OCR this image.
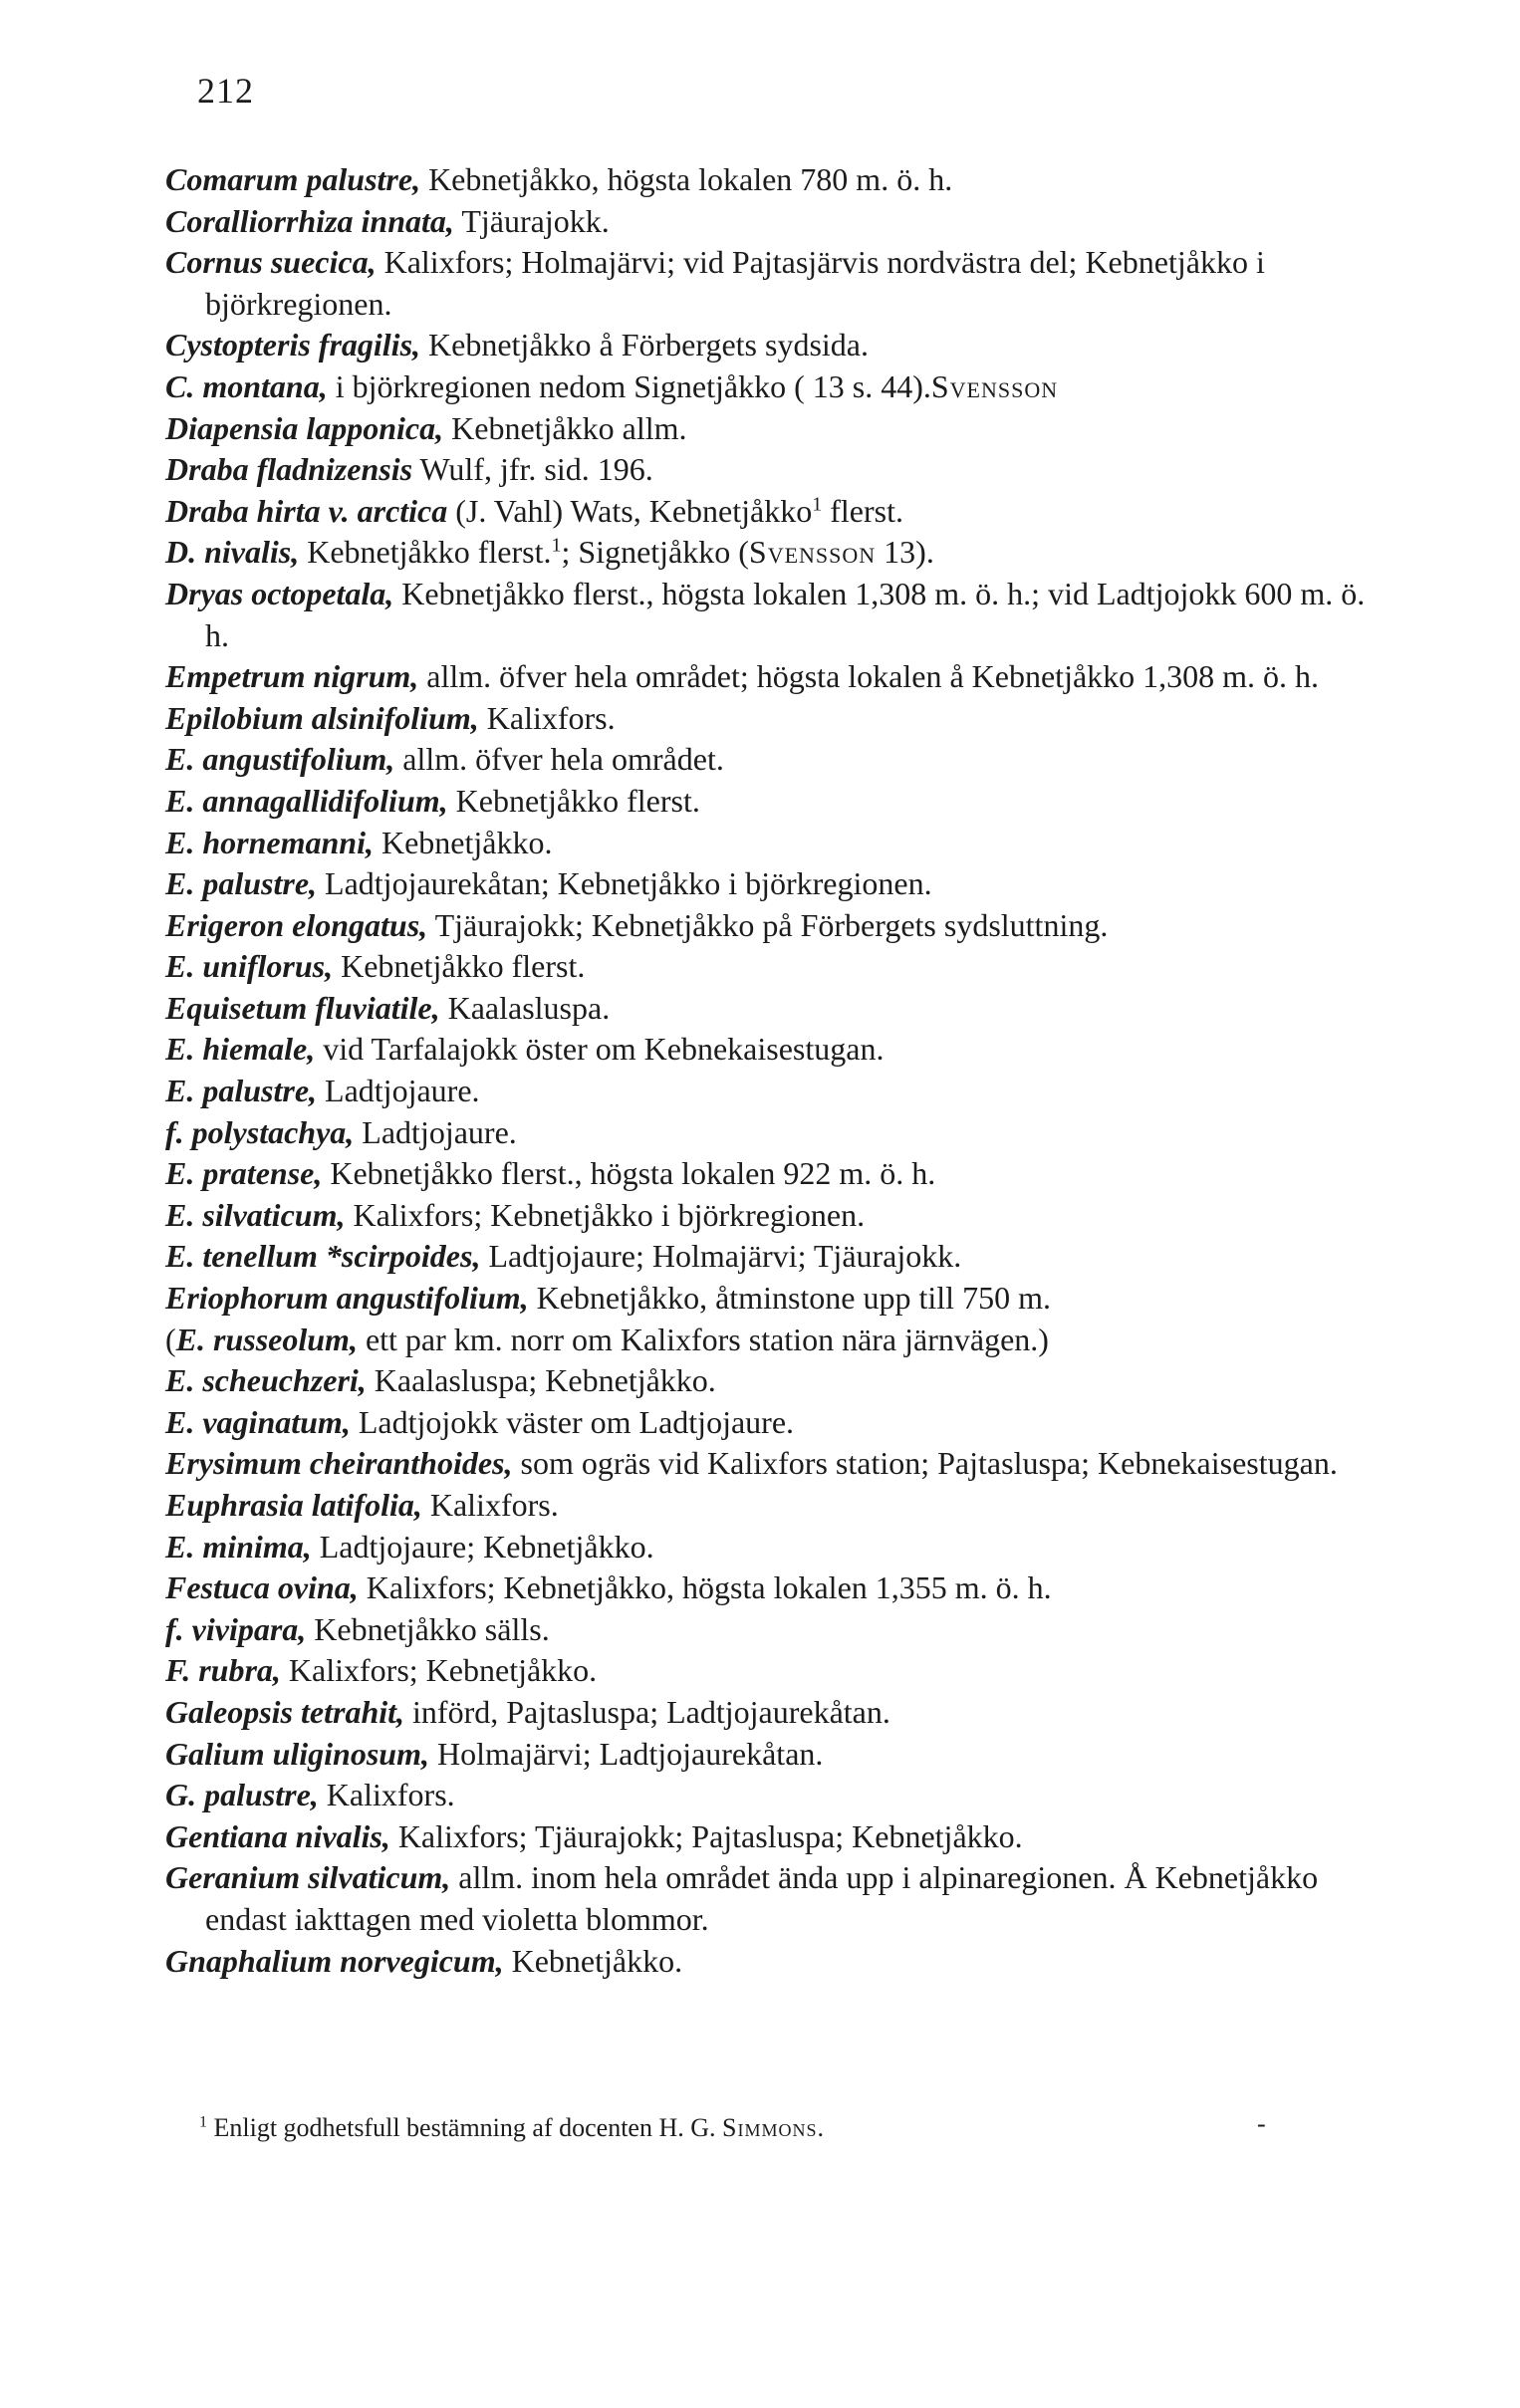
212

Comarum palustre, Kebnetjåkko, högsta lokalen 780 m. ö. h.

Coralliorrhiza innata, Tjäurajokk.

Cornus suecica, Kalixfors; Holmajärvi; vid Pajtasjärvis nordvästra del; Kebnetjåkko i björkregionen.

Cystopteris fragilis, Kebnetjåkko å Förbergets sydsida.

C. montana, i björkregionen nedom Signetjåkko ( 13 s. 44).Svensson

Diapensia lapponica, Kebnetjåkko allm.

Draba fladnizensis Wulf, jfr. sid. 196.

Draba hirta v. arctica (J. Vahl) Wats, Kebnetjåkko$^1$ flerst.

D. nivalis, Kebnetjåkko flerst.$^1$; Signetjåkko (Svensson 13).

Dryas octopetala, Kebnetjåkko flerst., högsta lokalen 1,308 m. ö. h.; vid Ladtjojokk 600 m. ö. h.

Empetrum nigrum, allm. öfver hela området; högsta lokalen å Kebnetjåkko 1,308 m. ö. h.

Epilobium alsinifolium, Kalixfors.

E. angustifolium, allm. öfver hela området.

E. annagallidifolium, Kebnetjåkko flerst.

E. hornemanni, Kebnetjåkko.

E. palustre, Ladtjojaurekåtan; Kebnetjåkko i björkregionen.

Erigeron elongatus, Tjäurajokk; Kebnetjåkko på Förbergets sydsluttning.

E. uniflorus, Kebnetjåkko flerst.

Equisetum fluviatile, Kaalasluspa.

E. hiemale, vid Tarfalajokk öster om Kebnekaisestugan.

E. palustre, Ladtjojaure.

f. polystachya, Ladtjojaure.

E. pratense, Kebnetjåkko flerst., högsta lokalen 922 m. ö. h.

E. silvaticum, Kalixfors; Kebnetjåkko i björkregionen.

E. tenellum *scirpoides, Ladtjojaure; Holmajärvi; Tjäurajokk.

Eriophorum angustifolium, Kebnetjåkko, åtminstone upp till 750 m.

(E. russeolum, ett par km. norr om Kalixfors station nära järnvägen.)

E. scheuchzeri, Kaalasluspa; Kebnetjåkko.

E. vaginatum, Ladtjojokk väster om Ladtjojaure.

Erysimum cheiranthoides, som ogräs vid Kalixfors station; Pajtasluspa; Kebnekaisestugan.

Euphrasia latifolia, Kalixfors.

E. minima, Ladtjojaure; Kebnetjåkko.

Festuca ovina, Kalixfors; Kebnetjåkko, högsta lokalen 1,355 m. ö. h.

f. vivipara, Kebnetjåkko sälls.

F. rubra, Kalixfors; Kebnetjåkko.

Galeopsis tetrahit, införd, Pajtasluspa; Ladtjojaurekåtan.

Galium uliginosum, Holmajärvi; Ladtjojaurekåtan.

G. palustre, Kalixfors.

Gentiana nivalis, Kalixfors; Tjäurajokk; Pajtasluspa; Kebnetjåkko.

Geranium silvaticum, allm. inom hela området ända upp i alpinaregionen. Å Kebnetjåkko endast iakttagen med violetta blommor.

Gnaphalium norvegicum, Kebnetjåkko.

$^1$ Enligt godhetsfull bestämning af docenten H. G. Simmons.	-
